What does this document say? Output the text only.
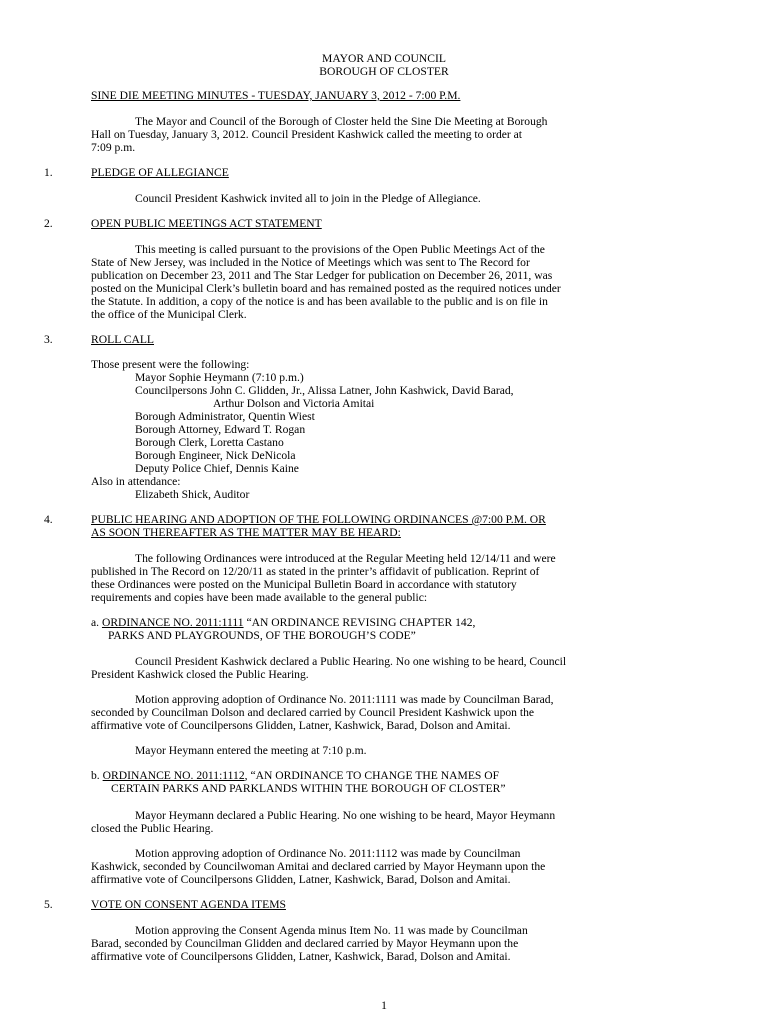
MAYOR AND COUNCIL
BOROUGH OF CLOSTER
SINE DIE MEETING MINUTES - TUESDAY, JANUARY 3, 2012 - 7:00 P.M.
The Mayor and Council of the Borough of Closter held the Sine Die Meeting at Borough
Hall on Tuesday, January 3, 2012. Council President Kashwick called the meeting to order at
7:09 p.m.
1.	PLEDGE OF ALLEGIANCE
Council President Kashwick invited all to join in the Pledge of Allegiance.
2.	OPEN PUBLIC MEETINGS ACT STATEMENT
This meeting is called pursuant to the provisions of the Open Public Meetings Act of the
State of New Jersey, was included in the Notice of Meetings which was sent to The Record for
publication on December 23, 2011 and The Star Ledger for publication on December 26, 2011, was
posted on the Municipal Clerk’s bulletin board and has remained posted as the required notices under
the Statute. In addition, a copy of the notice is and has been available to the public and is on file in
the office of the Municipal Clerk.
3.	ROLL CALL
Those present were the following:
Mayor Sophie Heymann (7:10 p.m.)
Councilpersons John C. Glidden, Jr., Alissa Latner, John Kashwick, David Barad,
Arthur Dolson and Victoria Amitai
Borough Administrator, Quentin Wiest
Borough Attorney, Edward T. Rogan
Borough Clerk, Loretta Castano
Borough Engineer, Nick DeNicola
Deputy Police Chief, Dennis Kaine
Also in attendance:
Elizabeth Shick, Auditor
4.	PUBLIC HEARING AND ADOPTION OF THE FOLLOWING ORDINANCES @7:00 P.M. OR
AS SOON THEREAFTER AS THE MATTER MAY BE HEARD:
The following Ordinances were introduced at the Regular Meeting held 12/14/11 and were
published in The Record on 12/20/11 as stated in the printer’s affidavit of publication. Reprint of
these Ordinances were posted on the Municipal Bulletin Board in accordance with statutory
requirements and copies have been made available to the general public:
a. ORDINANCE NO. 2011:1111 “AN ORDINANCE REVISING CHAPTER 142,
PARKS AND PLAYGROUNDS, OF THE BOROUGH’S CODE”
Council President Kashwick declared a Public Hearing. No one wishing to be heard, Council
President Kashwick closed the Public Hearing.
Motion approving adoption of Ordinance No. 2011:1111 was made by Councilman Barad,
seconded by Councilman Dolson and declared carried by Council President Kashwick upon the
affirmative vote of Councilpersons Glidden, Latner, Kashwick, Barad, Dolson and Amitai.
Mayor Heymann entered the meeting at 7:10 p.m.
b. ORDINANCE NO. 2011:1112, “AN ORDINANCE TO CHANGE THE NAMES OF
CERTAIN PARKS AND PARKLANDS WITHIN THE BOROUGH OF CLOSTER”
Mayor Heymann declared a Public Hearing. No one wishing to be heard, Mayor Heymann
closed the Public Hearing.
Motion approving adoption of Ordinance No. 2011:1112 was made by Councilman
Kashwick, seconded by Councilwoman Amitai and declared carried by Mayor Heymann upon the
affirmative vote of Councilpersons Glidden, Latner, Kashwick, Barad, Dolson and Amitai.
5.	VOTE ON CONSENT AGENDA ITEMS
Motion approving the Consent Agenda minus Item No. 11 was made by Councilman
Barad, seconded by Councilman Glidden and declared carried by Mayor Heymann upon the
affirmative vote of Councilpersons Glidden, Latner, Kashwick, Barad, Dolson and Amitai.
1
